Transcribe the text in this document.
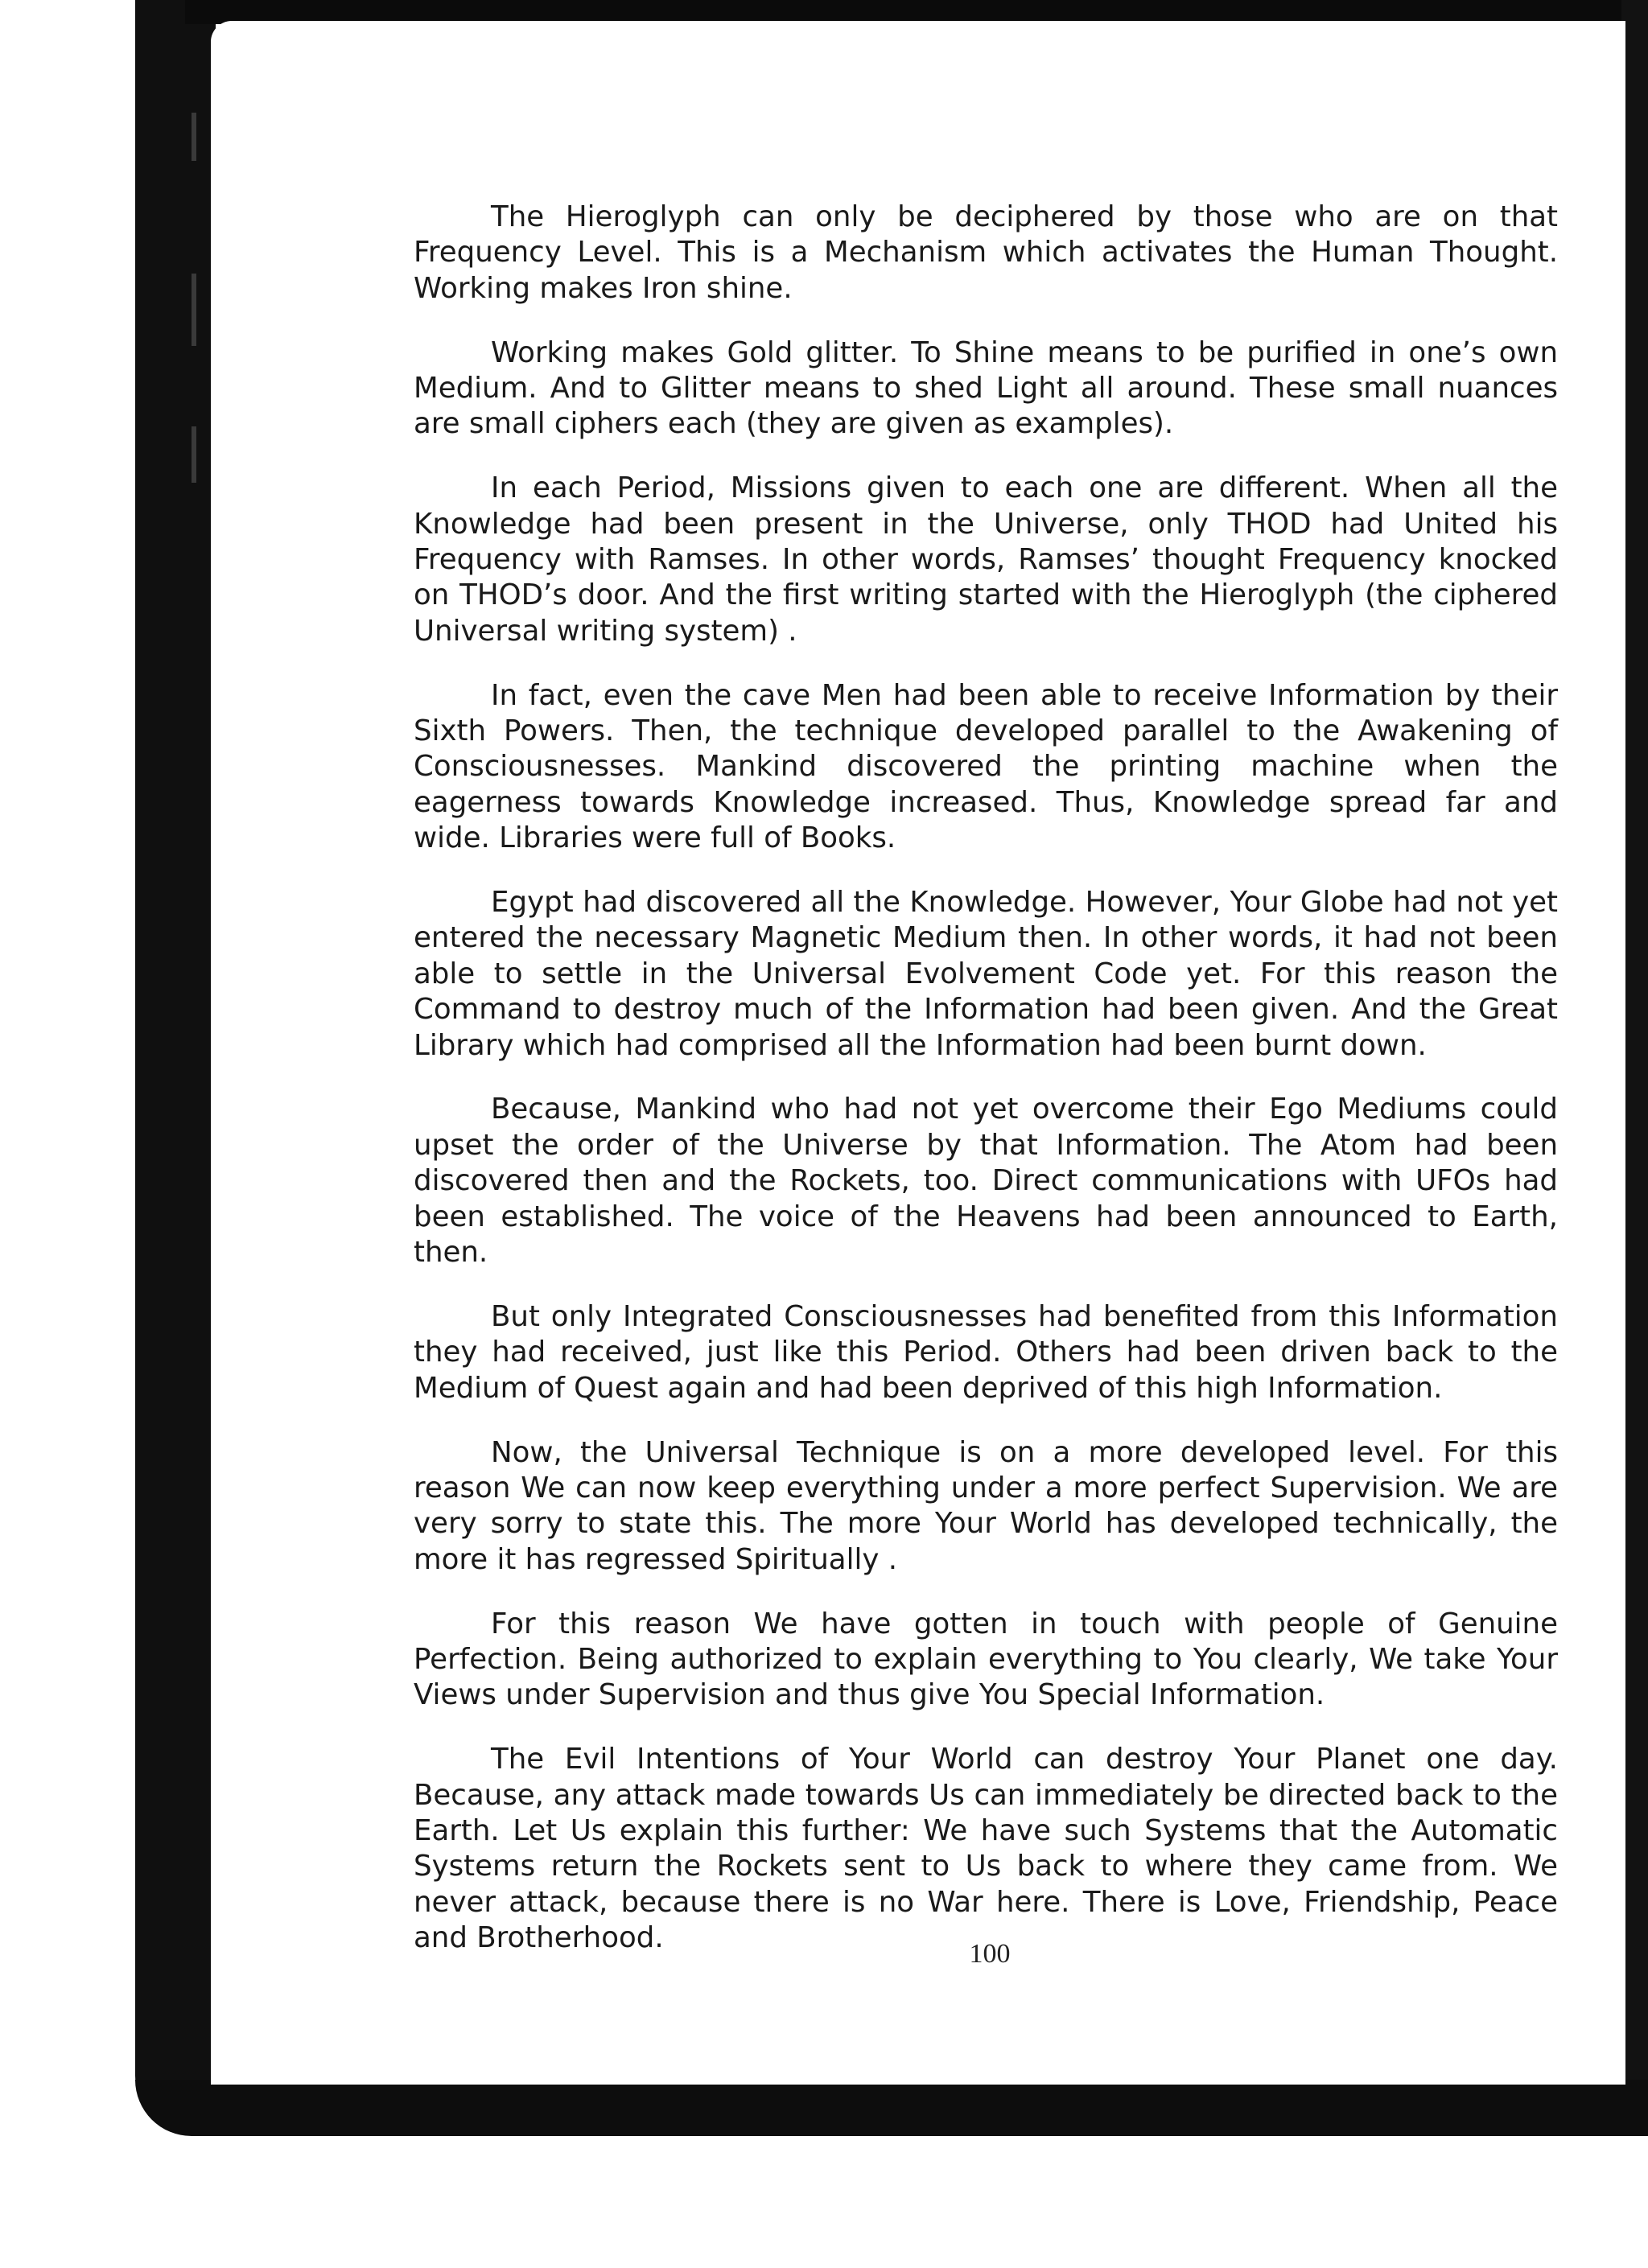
The Hieroglyph can only be deciphered by those who are on that Frequency Level. This is a Mechanism which activates the Human Thought. Working makes Iron shine.

Working makes Gold glitter. To Shine means to be purified in one’s own Medium. And to Glitter means to shed Light all around. These small nuances are small ciphers each (they are given as examples).

In each Period, Missions given to each one are different. When all the Knowledge had been present in the Universe, only THOD had United his Frequency with Ramses. In other words, Ramses’ thought Frequency knocked on THOD’s door. And the first writing started with the Hieroglyph (the ciphered Universal writing system) .

In fact, even the cave Men had been able to receive Information by their Sixth Powers. Then, the technique developed parallel to the Awakening of Consciousnesses. Mankind discovered the printing machine when the eagerness towards Knowledge increased. Thus, Knowledge spread far and wide. Libraries were full of Books.

Egypt had discovered all the Knowledge. However, Your Globe had not yet entered the necessary Magnetic Medium then. In other words, it had not been able to settle in the Universal Evolvement Code yet. For this reason the Command to destroy much of the Information had been given. And the Great Library which had comprised all the Information had been burnt down.

Because, Mankind who had not yet overcome their Ego Mediums could upset the order of the Universe by that Information. The Atom had been discovered then and the Rockets, too. Direct communications with UFOs had been established. The voice of the Heavens had been announced to Earth, then.

But only Integrated Consciousnesses had benefited from this Information they had received, just like this Period. Others had been driven back to the Medium of Quest again and had been deprived of this high Information.

Now, the Universal Technique is on a more developed level. For this reason We can now keep everything under a more perfect Supervision. We are very sorry to state this. The more Your World has developed technically, the more it has regressed Spiritually .

For this reason We have gotten in touch with people of Genuine Perfection. Being authorized to explain everything to You clearly, We take Your Views under Supervision and thus give You Special Information.

The Evil Intentions of Your World can destroy Your Planet one day. Because, any attack made towards Us can immediately be directed back to the Earth. Let Us explain this further: We have such Systems that the Automatic Systems return the Rockets sent to Us back to where they came from. We never attack, because there is no War here. There is Love, Friendship, Peace and Brotherhood.	100
